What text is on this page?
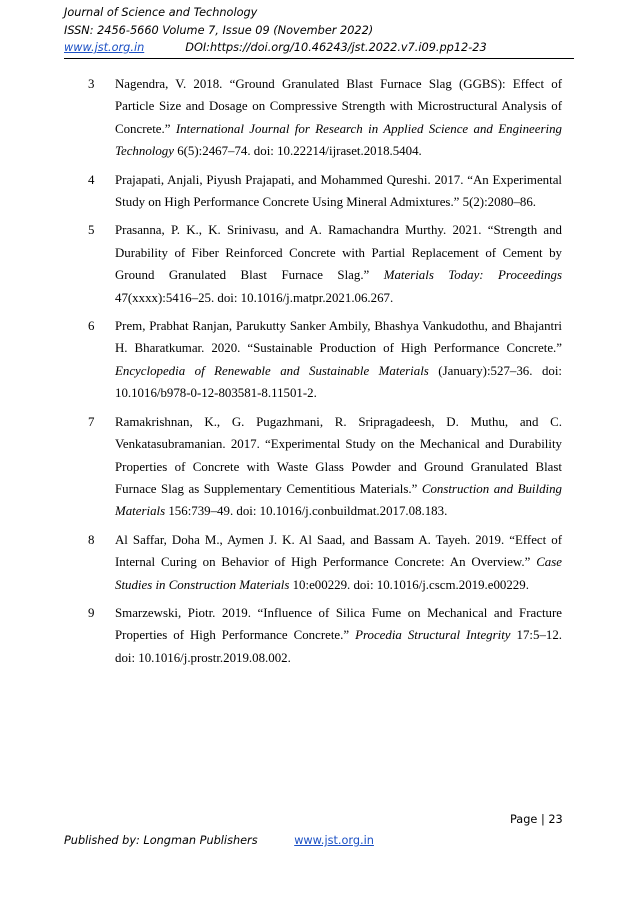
Journal of Science and Technology
ISSN: 2456-5660 Volume 7, Issue 09 (November 2022)
www.jst.org.in	DOI:https://doi.org/10.46243/jst.2022.v7.i09.pp12-23
3 Nagendra, V. 2018. “Ground Granulated Blast Furnace Slag (GGBS): Effect of Particle Size and Dosage on Compressive Strength with Microstructural Analysis of Concrete.” International Journal for Research in Applied Science and Engineering Technology 6(5):2467–74. doi: 10.22214/ijraset.2018.5404.
4 Prajapati, Anjali, Piyush Prajapati, and Mohammed Qureshi. 2017. “An Experimental Study on High Performance Concrete Using Mineral Admixtures.” 5(2):2080–86.
5 Prasanna, P. K., K. Srinivasu, and A. Ramachandra Murthy. 2021. “Strength and Durability of Fiber Reinforced Concrete with Partial Replacement of Cement by Ground Granulated Blast Furnace Slag.” Materials Today: Proceedings 47(xxxx):5416–25. doi: 10.1016/j.matpr.2021.06.267.
6 Prem, Prabhat Ranjan, Parukutty Sanker Ambily, Bhashya Vankudothu, and Bhajantri H. Bharatkumar. 2020. “Sustainable Production of High Performance Concrete.” Encyclopedia of Renewable and Sustainable Materials (January):527–36. doi: 10.1016/b978-0-12-803581-8.11501-2.
7 Ramakrishnan, K., G. Pugazhmani, R. Sripragadeesh, D. Muthu, and C. Venkatasubramanian. 2017. “Experimental Study on the Mechanical and Durability Properties of Concrete with Waste Glass Powder and Ground Granulated Blast Furnace Slag as Supplementary Cementitious Materials.” Construction and Building Materials 156:739–49. doi: 10.1016/j.conbuildmat.2017.08.183.
8 Al Saffar, Doha M., Aymen J. K. Al Saad, and Bassam A. Tayeh. 2019. “Effect of Internal Curing on Behavior of High Performance Concrete: An Overview.” Case Studies in Construction Materials 10:e00229. doi: 10.1016/j.cscm.2019.e00229.
9 Smarzewski, Piotr. 2019. “Influence of Silica Fume on Mechanical and Fracture Properties of High Performance Concrete.” Procedia Structural Integrity 17:5–12. doi: 10.1016/j.prostr.2019.08.002.
Page | 23
Published by: Longman Publishers	www.jst.org.in
